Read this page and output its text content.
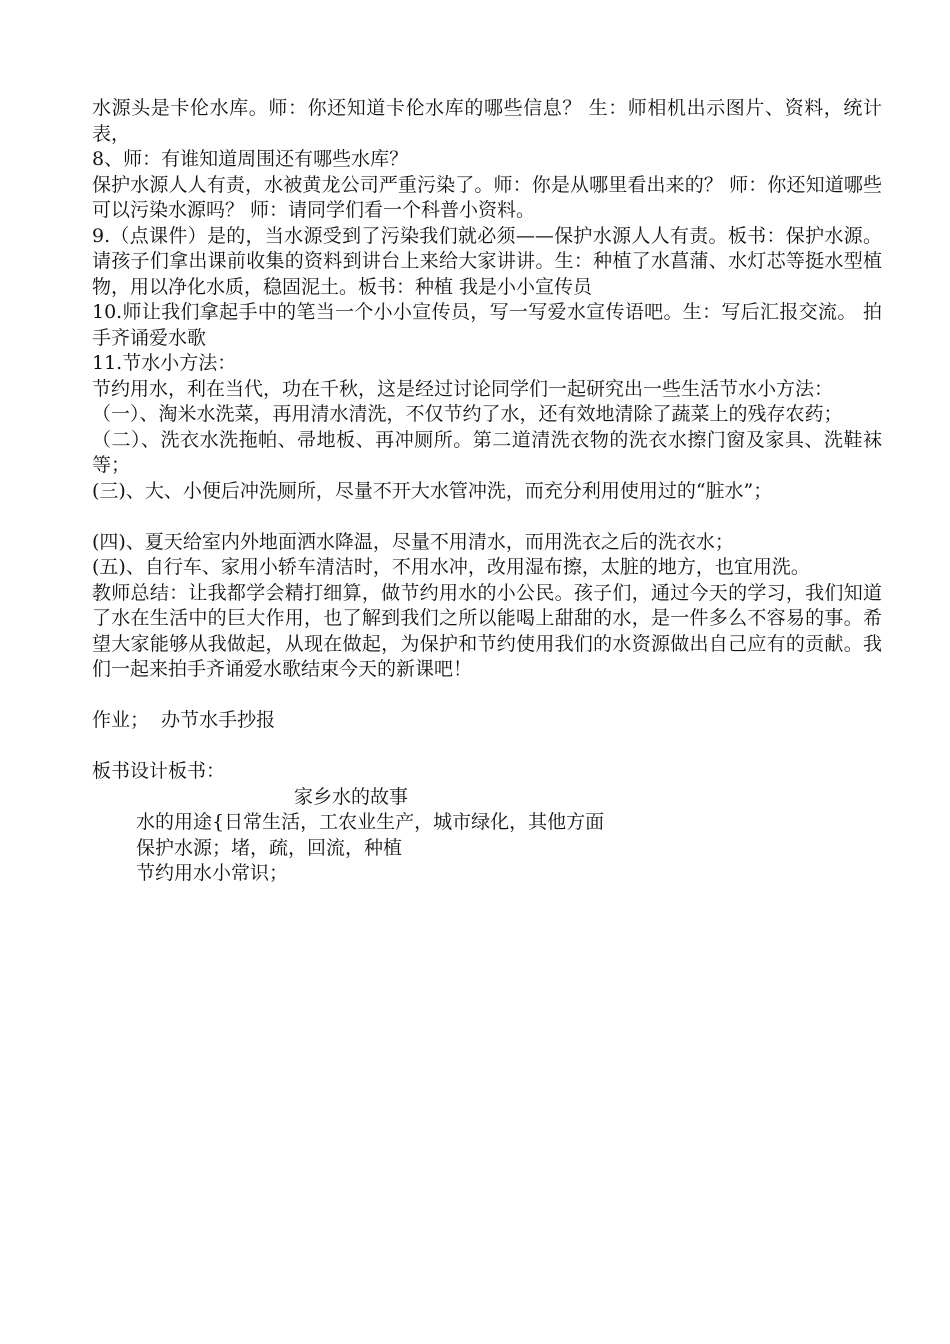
水源头是卡伦水库。师：你还知道卡伦水库的哪些信息？ 生：师相机出示图片、资料，统计表，

8、师：有谁知道周围还有哪些水库？

保护水源人人有责，水被黄龙公司严重污染了。师：你是从哪里看出来的？ 师：你还知道哪些可以污染水源吗？ 师：请同学们看一个科普小资料。

9.（点课件）是的，当水源受到了污染我们就必须——保护水源人人有责。板书：保护水源。请孩子们拿出课前收集的资料到讲台上来给大家讲讲。生：种植了水菖蒲、水灯芯等挺水型植物，用以净化水质，稳固泥土。板书：种植 我是小小宣传员

10.师让我们拿起手中的笔当一个小小宣传员，写一写爱水宣传语吧。生：写后汇报交流。 拍手齐诵爱水歌

11.节水小方法：

节约用水，利在当代，功在千秋，这是经过讨论同学们一起研究出一些生活节水小方法：

（一）、淘米水洗菜，再用清水清洗，不仅节约了水，还有效地清除了蔬菜上的残存农药；

（二）、洗衣水洗拖帕、帚地板、再冲厕所。第二道清洗衣物的洗衣水擦门窗及家具、洗鞋袜等；

(三)、大、小便后冲洗厕所，尽量不开大水管冲洗，而充分利用使用过的“脏水”；

(四)、夏天给室内外地面洒水降温，尽量不用清水，而用洗衣之后的洗衣水；

(五)、自行车、家用小轿车清洁时，不用水冲，改用湿布擦，太脏的地方，也宜用洗。

教师总结：让我都学会精打细算，做节约用水的小公民。孩子们，通过今天的学习，我们知道了水在生活中的巨大作用，也了解到我们之所以能喝上甜甜的水，是一件多么不容易的事。希望大家能够从我做起，从现在做起，为保护和节约使用我们的水资源做出自己应有的贡献。我们一起来拍手齐诵爱水歌结束今天的新课吧！

作业；  办节水手抄报

板书设计板书：

家乡水的故事

水的用途{日常生活，工农业生产，城市绿化，其他方面

保护水源；堵，疏，回流，种植

节约用水小常识；
